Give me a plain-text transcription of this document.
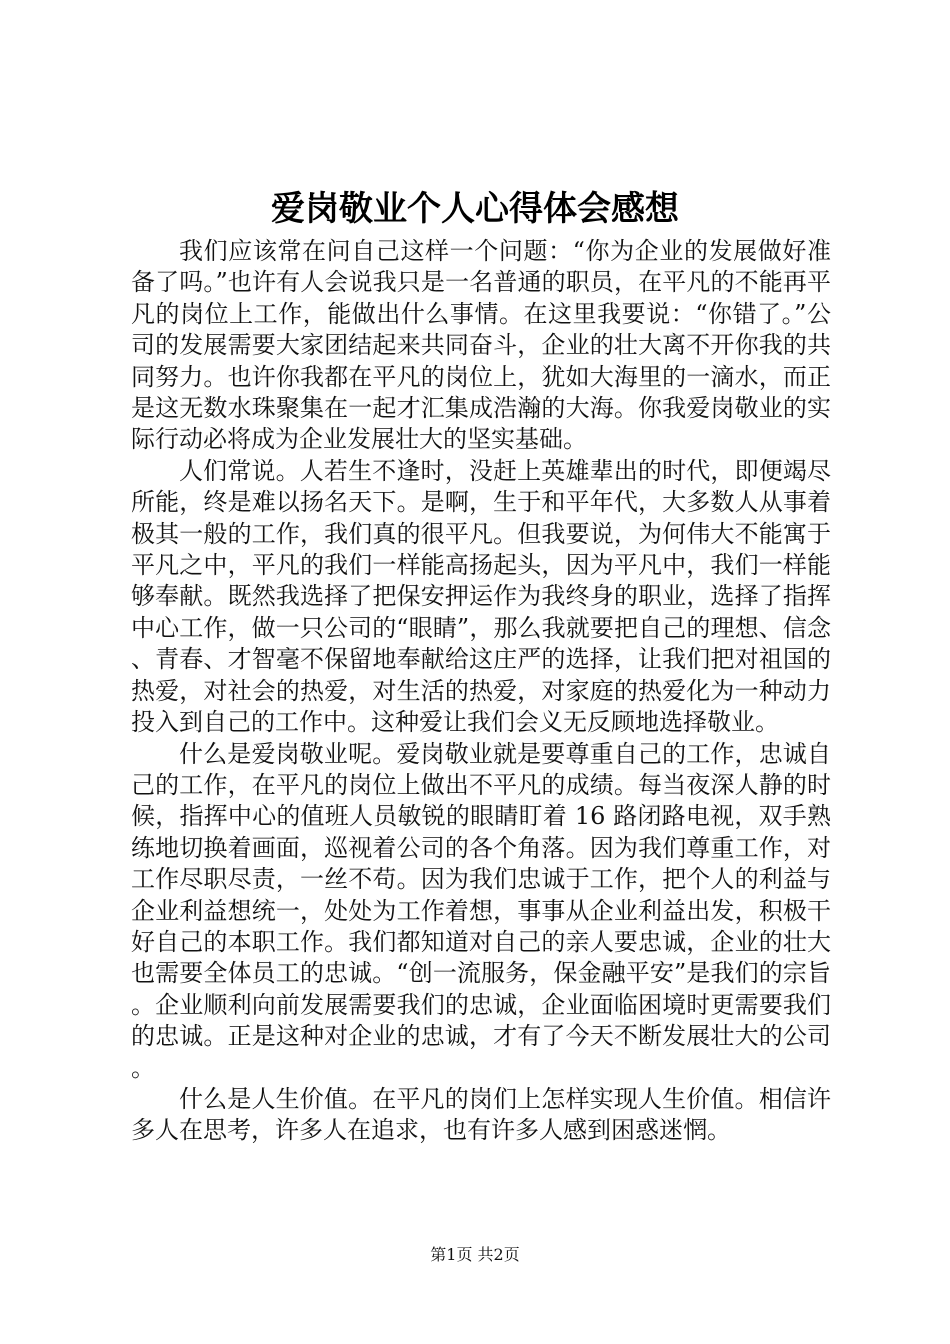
爱岗敬业个人心得体会感想

我们应该常在问自己这样一个问题：“你为企业的发展做好准备了吗。”也许有人会说我只是一名普通的职员，在平凡的不能再平凡的岗位上工作，能做出什么事情。在这里我要说：“你错了。”公司的发展需要大家团结起来共同奋斗，企业的壮大离不开你我的共同努力。也许你我都在平凡的岗位上，犹如大海里的一滴水，而正是这无数水珠聚集在一起才汇集成浩瀚的大海。你我爱岗敬业的实际行动必将成为企业发展壮大的坚实基础。

人们常说。人若生不逢时，没赶上英雄辈出的时代，即便竭尽所能，终是难以扬名天下。是啊，生于和平年代，大多数人从事着极其一般的工作，我们真的很平凡。但我要说，为何伟大不能寓于平凡之中，平凡的我们一样能高扬起头，因为平凡中，我们一样能够奉献。既然我选择了把保安押运作为我终身的职业，选择了指挥中心工作，做一只公司的“眼睛”，那么我就要把自己的理想、信念、青春、才智毫不保留地奉献给这庄严的选择，让我们把对祖国的热爱，对社会的热爱，对生活的热爱，对家庭的热爱化为一种动力投入到自己的工作中。这种爱让我们会义无反顾地选择敬业。

什么是爱岗敬业呢。爱岗敬业就是要尊重自己的工作，忠诚自己的工作，在平凡的岗位上做出不平凡的成绩。每当夜深人静的时候，指挥中心的值班人员敏锐的眼睛盯着 16 路闭路电视，双手熟练地切换着画面，巡视着公司的各个角落。因为我们尊重工作，对工作尽职尽责，一丝不苟。因为我们忠诚于工作，把个人的利益与企业利益想统一，处处为工作着想，事事从企业利益出发，积极干好自己的本职工作。我们都知道对自己的亲人要忠诚，企业的壮大也需要全体员工的忠诚。“创一流服务，保金融平安”是我们的宗旨。企业顺利向前发展需要我们的忠诚，企业面临困境时更需要我们的忠诚。正是这种对企业的忠诚，才有了今天不断发展壮大的公司。

什么是人生价值。在平凡的岗们上怎样实现人生价值。相信许多人在思考，许多人在追求，也有许多人感到困惑迷惘。

第1页 共2页
